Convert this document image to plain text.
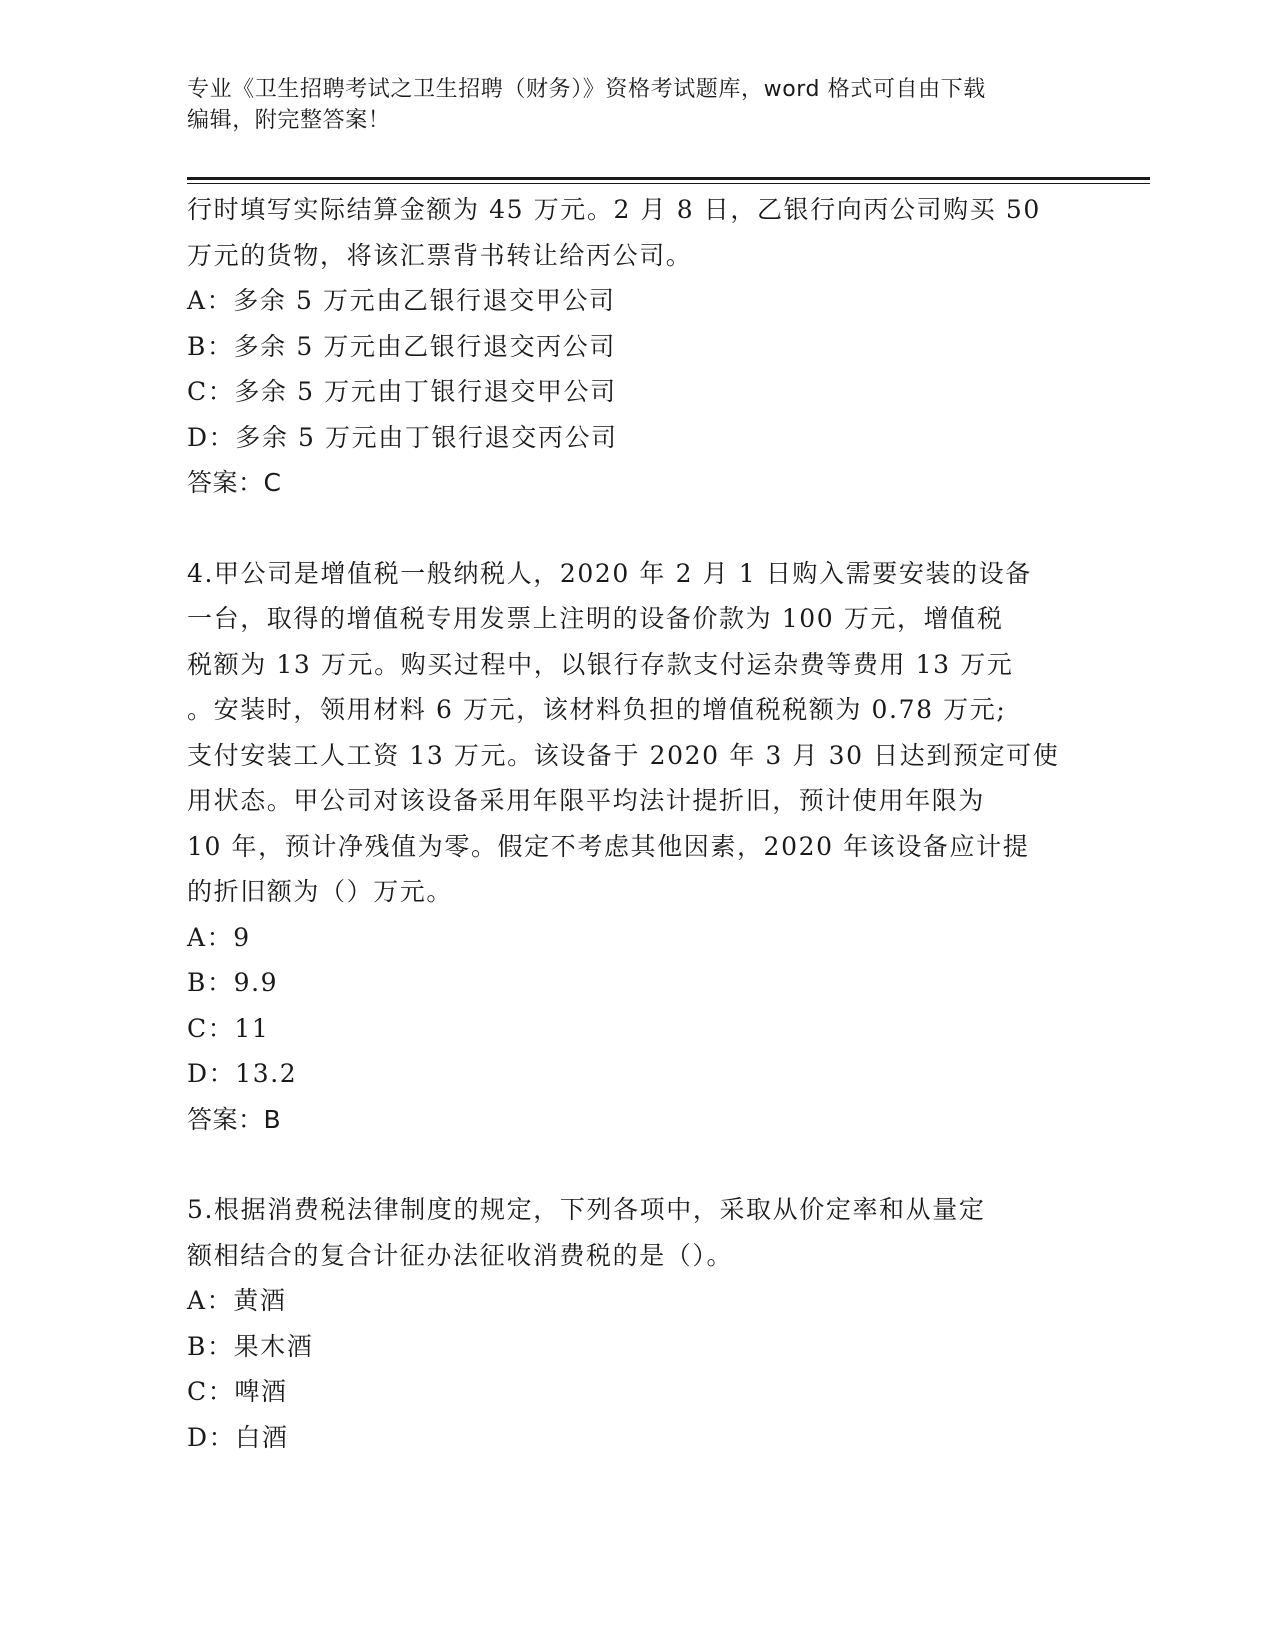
专业《卫生招聘考试之卫生招聘（财务）》资格考试题库，word 格式可自由下载
编辑，附完整答案！

行时填写实际结算金额为 45 万元。2 月 8 日，乙银行向丙公司购买 50

万元的货物，将该汇票背书转让给丙公司。

A：多余 5 万元由乙银行退交甲公司

B：多余 5 万元由乙银行退交丙公司

C：多余 5 万元由丁银行退交甲公司

D：多余 5 万元由丁银行退交丙公司

答案：C

4.甲公司是增值税一般纳税人，2020 年 2 月 1 日购入需要安装的设备

一台，取得的增值税专用发票上注明的设备价款为 100 万元，增值税

税额为 13 万元。购买过程中，以银行存款支付运杂费等费用 13 万元

。安装时，领用材料 6 万元，该材料负担的增值税税额为 0.78 万元;

支付安装工人工资 13 万元。该设备于 2020 年 3 月 30 日达到预定可使

用状态。甲公司对该设备采用年限平均法计提折旧，预计使用年限为

10 年，预计净残值为零。假定不考虑其他因素，2020 年该设备应计提

的折旧额为（）万元。

A：9

B：9.9

C：11

D：13.2

答案：B

5.根据消费税法律制度的规定，下列各项中，采取从价定率和从量定

额相结合的复合计征办法征收消费税的是（）。

A：黄酒

B：果木酒

C：啤酒

D：白酒
